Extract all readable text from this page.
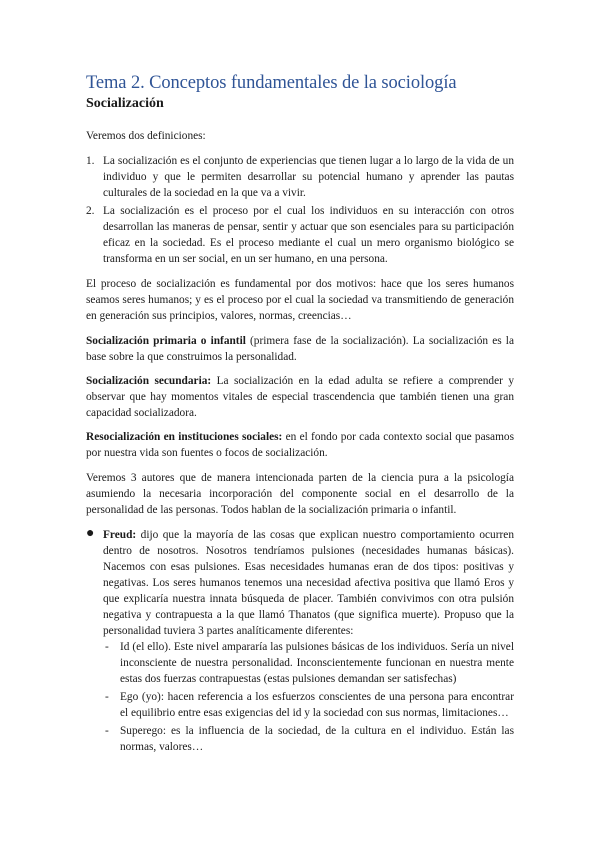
Tema 2. Conceptos fundamentales de la sociología
Socialización

Veremos dos definiciones:

1. La socialización es el conjunto de experiencias que tienen lugar a lo largo de la vida de un individuo y que le permiten desarrollar su potencial humano y aprender las pautas culturales de la sociedad en la que va a vivir.
2. La socialización es el proceso por el cual los individuos en su interacción con otros desarrollan las maneras de pensar, sentir y actuar que son esenciales para su participación eficaz en la sociedad. Es el proceso mediante el cual un mero organismo biológico se transforma en un ser social, en un ser humano, en una persona.

El proceso de socialización es fundamental por dos motivos: hace que los seres humanos seamos seres humanos; y es el proceso por el cual la sociedad va transmitiendo de generación en generación sus principios, valores, normas, creencias…

Socialización primaria o infantil (primera fase de la socialización). La socialización es la base sobre la que construimos la personalidad.

Socialización secundaria: La socialización en la edad adulta se refiere a comprender y observar que hay momentos vitales de especial trascendencia que también tienen una gran capacidad socializadora.

Resocialización en instituciones sociales: en el fondo por cada contexto social que pasamos por nuestra vida son fuentes o focos de socialización.

Veremos 3 autores que de manera intencionada parten de la ciencia pura a la psicología asumiendo la necesaria incorporación del componente social en el desarrollo de la personalidad de las personas. Todos hablan de la socialización primaria o infantil.

● Freud: dijo que la mayoría de las cosas que explican nuestro comportamiento ocurren dentro de nosotros. Nosotros tendríamos pulsiones (necesidades humanas básicas). Nacemos con esas pulsiones. Esas necesidades humanas eran de dos tipos: positivas y negativas. Los seres humanos tenemos una necesidad afectiva positiva que llamó Eros y que explicaría nuestra innata búsqueda de placer. También convivimos con otra pulsión negativa y contrapuesta a la que llamó Thanatos (que significa muerte). Propuso que la personalidad tuviera 3 partes analíticamente diferentes:
- Id (el ello). Este nivel ampararía las pulsiones básicas de los individuos. Sería un nivel inconsciente de nuestra personalidad. Inconscientemente funcionan en nuestra mente estas dos fuerzas contrapuestas (estas pulsiones demandan ser satisfechas)
- Ego (yo): hacen referencia a los esfuerzos conscientes de una persona para encontrar el equilibrio entre esas exigencias del id y la sociedad con sus normas, limitaciones…
- Superego: es la influencia de la sociedad, de la cultura en el individuo. Están las normas, valores…
